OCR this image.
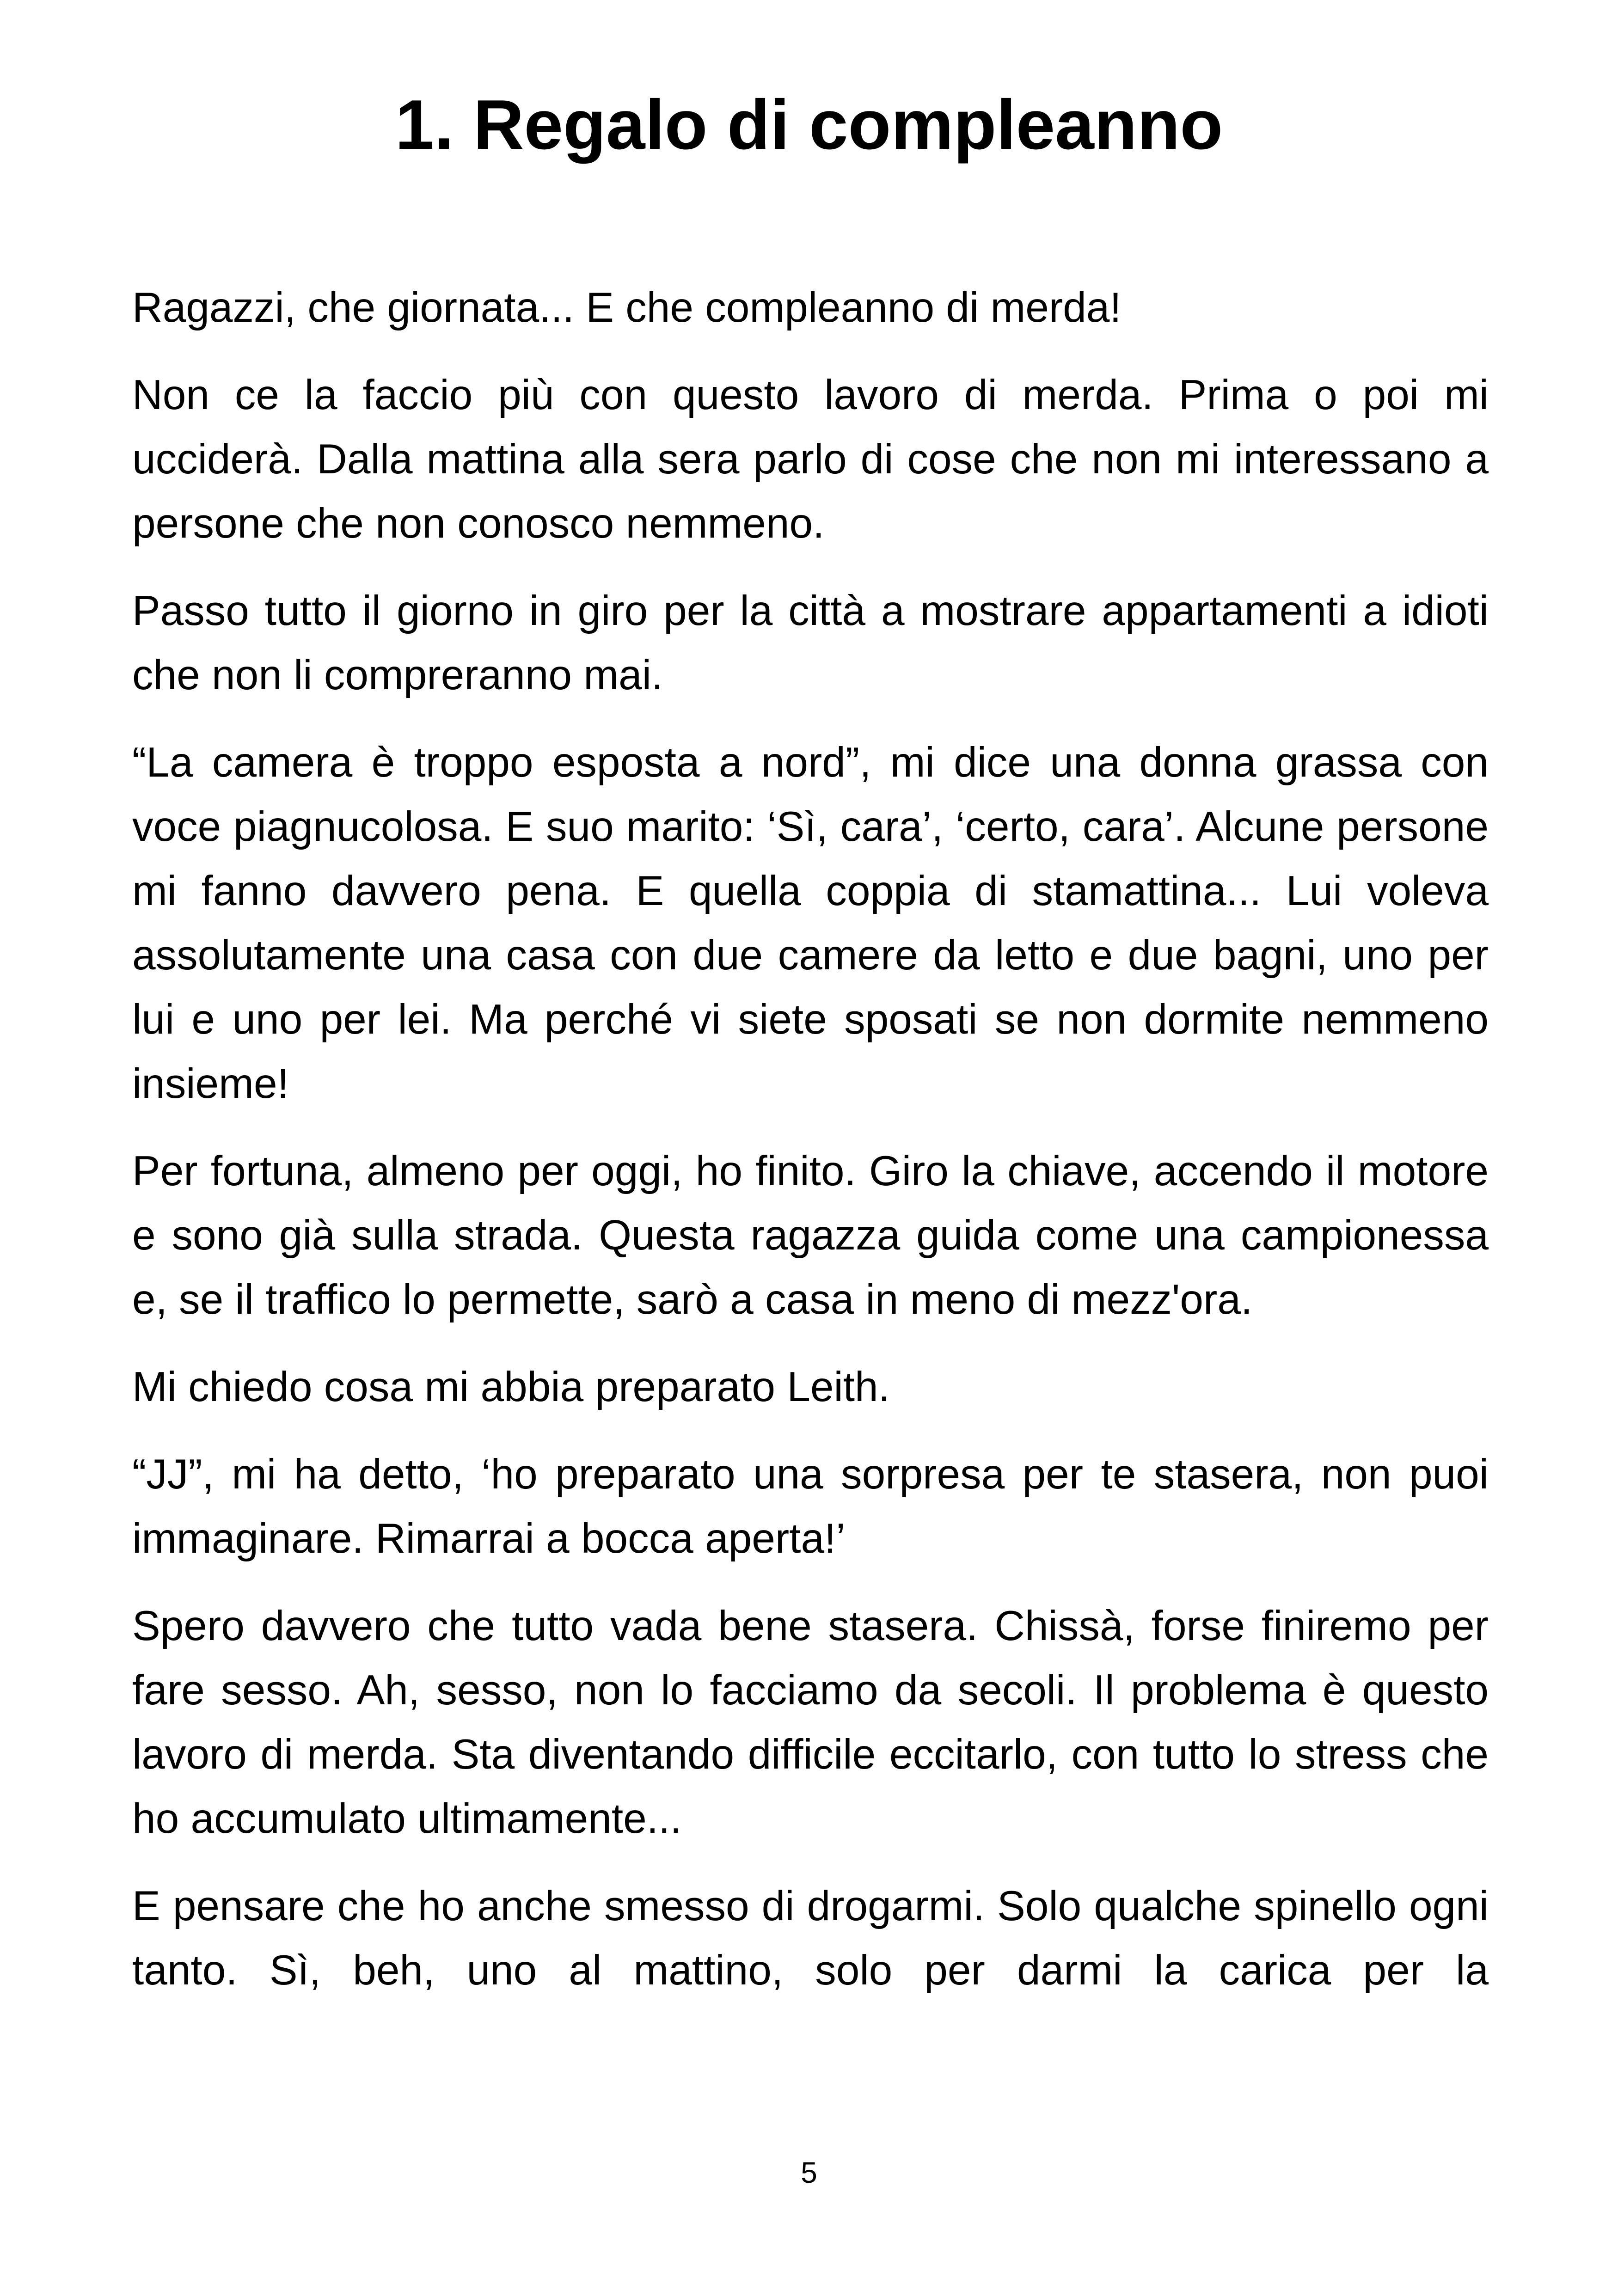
1. Regalo di compleanno

Ragazzi, che giornata... E che compleanno di merda!

Non ce la faccio più con questo lavoro di merda. Prima o poi mi ucciderà. Dalla mattina alla sera parlo di cose che non mi interessano a persone che non conosco nemmeno.

Passo tutto il giorno in giro per la città a mostrare appartamenti a idioti che non li compreranno mai.

“La camera è troppo esposta a nord”, mi dice una donna grassa con voce piagnucolosa. E suo marito: ‘Sì, cara’, ‘certo, cara’. Alcune persone mi fanno davvero pena. E quella coppia di stamattina... Lui voleva assolutamente una casa con due camere da letto e due bagni, uno per lui e uno per lei. Ma perché vi siete sposati se non dormite nemmeno insieme!

Per fortuna, almeno per oggi, ho finito. Giro la chiave, accendo il motore e sono già sulla strada. Questa ragazza guida come una campionessa e, se il traffico lo permette, sarò a casa in meno di mezz'ora.

Mi chiedo cosa mi abbia preparato Leith.

“JJ”, mi ha detto, ‘ho preparato una sorpresa per te stasera, non puoi immaginare. Rimarrai a bocca aperta!’

Spero davvero che tutto vada bene stasera. Chissà, forse finiremo per fare sesso. Ah, sesso, non lo facciamo da secoli. Il problema è questo lavoro di merda. Sta diventando difficile eccitarlo, con tutto lo stress che ho accumulato ultimamente...

E pensare che ho anche smesso di drogarmi. Solo qualche spinello ogni tanto. Sì, beh, uno al mattino, solo per darmi la carica per la

5
